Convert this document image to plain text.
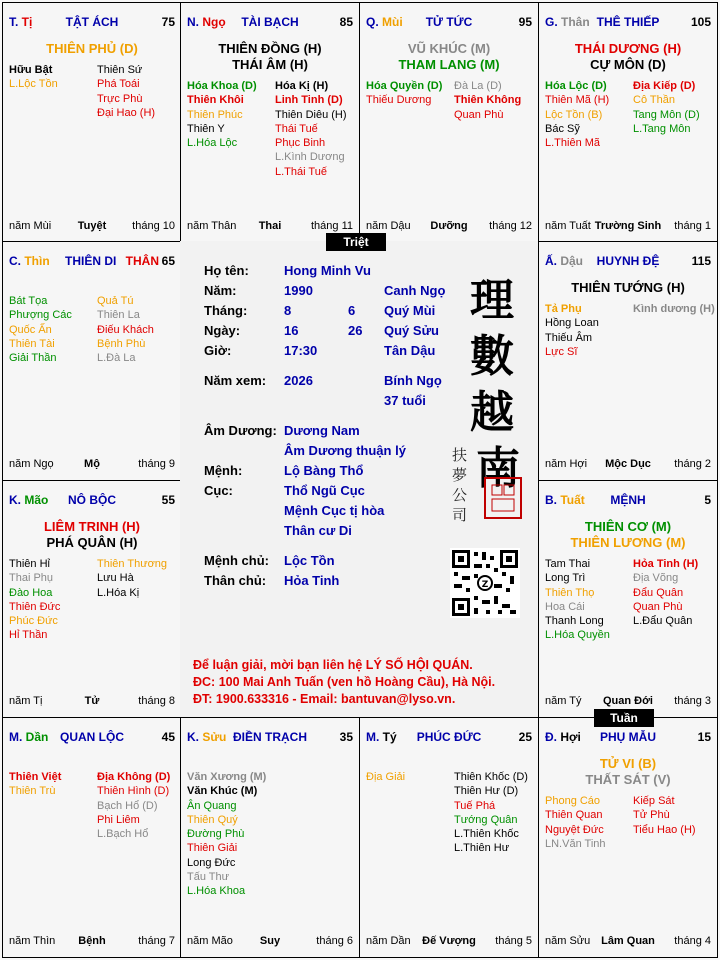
T. Tị	TẬT ÁCH	75
THIÊN PHỦ (D)
Hữu Bật
L.Lộc Tồn
Thiên Sứ
Phá Toái
Trực Phù
Đại Hao (H)
năm Mùi	Tuyệt	tháng 10
N. Ngọ	TÀI BẠCH	85
THIÊN ĐỒNG (H)
THÁI ÂM (H)
Hóa Khoa (D)
Thiên Khôi
Thiên Phúc
Thiên Y
L.Hóa Lộc
Hóa Kị (H)
Linh Tinh (D)
Thiên Diêu (H)
Thái Tuế
Phục Binh
L.Kình Dương
L.Thái Tuế
năm Thân	Thai	tháng 11
Q. Mùi	TỬ TỨC	95
VŨ KHÚC (M)
THAM LANG (M)
Hóa Quyền (D)
Thiếu Dương
Đà La (D)
Thiên Không
Quan Phù
năm Dậu	Dưỡng	tháng 12
G. Thân THÊ THIẾP	105
THÁI DƯƠNG (H)
CỰ MÔN (D)
Hóa Lộc (D)
Thiên Mã (H)
Lộc Tồn (B)
Bác Sỹ
L.Thiên Mã
Địa Kiếp (D)
Cô Thần
Tang Môn (D)
L.Tang Môn
năm Tuất Trường Sinh	tháng 1
C. Thìn THIÊN DI THÂN 65
Bát Tọa
Phượng Các
Quốc Ấn
Thiên Tài
Giải Thần
Quả Tú
Thiên La
Điếu Khách
Bệnh Phù
L.Đà La
năm Ngọ	Mộ	tháng 9
Ấ. Dậu	HUYNH ĐỆ	115
THIÊN TƯỚNG (H)
Tả Phụ
Hồng Loan
Thiếu Âm
Lực Sĩ
Kình dương (H)
năm Hợi	Mộc Dục	tháng 2
K. Mão	NÔ BỘC	55
LIÊM TRINH (H)
PHÁ QUÂN (H)
Thiên Hỉ
Thai Phụ
Đào Hoa
Thiên Đức
Phúc Đức
Hỉ Thần
Thiên Thương
Lưu Hà
L.Hóa Kị
năm Tị	Tử	tháng 8
B. Tuất	MỆNH	5
THIÊN CƠ (M)
THIÊN LƯƠNG (M)
Tam Thai
Long Trì
Thiên Thọ
Hoa Cái
Thanh Long
L.Hóa Quyền
Hỏa Tinh (H)
Địa Võng
Đẩu Quân
Quan Phù
L.Đẩu Quân
năm Tý	Quan Đới	tháng 3
M. Dần QUAN LỘC	45
Thiên Việt
Thiên Trù
Địa Không (D)
Thiên Hình (D)
Bạch Hổ (D)
Phi Liêm
L.Bạch Hổ
năm Thìn	Bệnh	tháng 7
K. Sửu ĐIỀN TRẠCH	35
Văn Xương (M)
Văn Khúc (M)
Ân Quang
Thiên Quý
Đường Phù
Thiên Giải
Long Đức
Tấu Thư
L.Hóa Khoa
năm Mão	Suy	tháng 6
M. Tý	PHÚC ĐỨC	25
Địa Giải	Thiên Khốc (D)
Thiên Hư (D)
Tuế Phá
Tướng Quân
L.Thiên Khốc
L.Thiên Hư
năm Dần	Đế Vượng	tháng 5
Đ. Hợi	PHỤ MẪU	15
TỬ VI (B)
THẤT SÁT (V)
Phong Cáo
Thiên Quan
Nguyệt Đức
LN.Văn Tinh
Kiếp Sát
Tử Phù
Tiểu Hao (H)
năm Sửu Lâm Quan	tháng 4
Họ tên:	Hong Minh Vu
Năm:	1990	Canh Ngọ
Tháng:	8	6 Quý Mùi
Ngày:	16	26 Quý Sửu
Giờ:	17:30	Tân Dậu
Năm xem: 2026	Bính Ngọ
37 tuổi
Âm Dương: Dương Nam
Âm Dương thuận lý
Mệnh:	Lộ Bàng Thổ
Cục:	Thổ Ngũ Cục
Mệnh Cục tị hòa
Thân cư Di
Mệnh chủ: Lộc Tồn
Thân chủ: Hỏa Tinh
理
數
越
南
扶
夢
公
司
Z
Để luận giải, mời bạn liên hệ LÝ SỐ HỘI QUÁN.
ĐC: 100 Mai Anh Tuấn (ven hồ Hoàng Cầu), Hà Nội.
ĐT: 1900.633316 - Email: bantuvan@lyso.vn.
Triệt
Tuần
